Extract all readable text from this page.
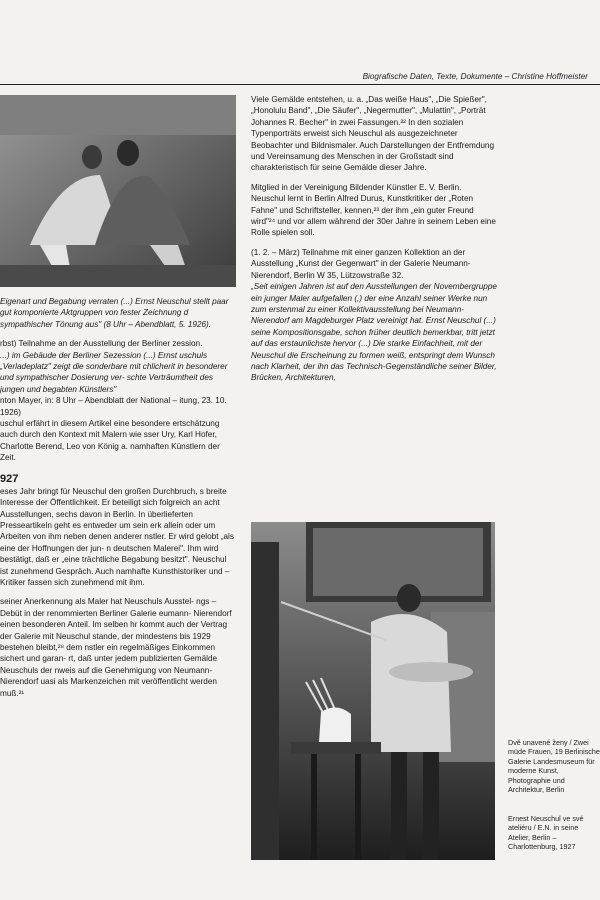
Biografische Daten, Texte, Dokumente – Christine Hoffmeister

Eigenart und Begabung verraten (...) Ernst Neuschul stellt paar gut komponierte Aktgruppen von fester Zeichnung d sympathischer Tönung aus" (8 Uhr – Abendblatt, 5. 1926).

rbst) Teilnahme an der Ausstellung der Berliner zession.

...) im Gebäude der Berliner Sezession (...) Ernst uschuls „Verladeplatz" zeigt die sonderbare mit chlicherit in besonderer und sympathischer Dosierung ver- schte Verträumtheit des jungen und begabten Künstlers"

nton Mayer, in: 8 Uhr – Abendblatt der National – itung, 23. 10. 1926)

uschul erfährt in diesem Artikel eine besondere ertschätzung auch durch den Kontext mit Malern wie sser Ury, Karl Hofer, Charlotte Berend, Leo von König a. namhaften Künstlern der Zeit.

927

eses Jahr bringt für Neuschul den großen Durchbruch, s breite Interesse der Öffentlichkeit. Er beteiligt sich folgreich an acht Ausstellungen, sechs davon in Berlin. In überlieferten Presseartikeln geht es entweder um sein erk allein oder um Arbeiten von ihm neben denen anderer nstler. Er wird gelobt „als eine der Hoffnungen der jun- n deutschen Malerei". Ihm wird bestätigt, daß er „eine trächtliche Begabung besitzt". Neuschul ist zunehmend Gespräch. Auch namhafte Kunsthistoriker und – Kritiker fassen sich zunehmend mit ihm.

seiner Anerkennung als Maler hat Neuschuls Ausstel- ngs – Debüt in der renommierten Berliner Galerie eumann- Nierendorf einen besonderen Anteil. Im selben hr kommt auch der Vertrag der Galerie mit Neuschul stande, der mindestens bis 1929 bestehen bleibt,²⁸ dem nstler ein regelmäßiges Einkommen sichert und garan- rt, daß unter jedem publizierten Gemälde Neuschuls der nweis auf die Genehmigung von Neumann-Nierendorf uasi als Markenzeichen mit veröffentlicht werden muß.²¹

Viele Gemälde entstehen, u. a. „Das weiße Haus", „Die Spießer", „Honolulu Band", „Die Säufer", „Negermutter", „Mulattin", „Porträt Johannes R. Becher" in zwei Fassungen.²² In den sozialen Typenporträts erweist sich Neuschul als ausgezeichneter Beobachter und Bildnismaler. Auch Darstellungen der Entfremdung und Vereinsamung des Menschen in der Großstadt sind charakteristisch für seine Gemälde dieser Jahre.

Mitglied in der Vereinigung Bildender Künstler E. V. Berlin. Neuschul lernt in Berlin Alfred Durus, Kunstkritiker der „Roten Fahne" und Schriftsteller, kennen,²³ der ihm „ein guter Freund wird"²⁴ und vor allem während der 30er Jahre in seinem Leben eine Rolle spielen soll.

(1. 2. – März) Teilnahme mit einer ganzen Kollektion an der Ausstellung „Kunst der Gegenwart" in der Galerie Neumann-Nierendorf, Berlin W 35, Lützowstraße 32.

„Seit einigen Jahren ist auf den Ausstellungen der Novembergruppe ein junger Maler aufgefallen (,) der eine Anzahl seiner Werke nun zum erstenmal zu einer Kollektivausstellung bei Neumann-Nierendorf am Magdeburger Platz vereinigt hat. Ernst Neuschul (...) seine Kompositionsgabe, schon früher deutlich bemerkbar, tritt jetzt auf das erstaunlichste hervor (...) Die starke Einfachheit, mit der Neuschul die Erscheinung zu formen weiß, entspringt dem Wunsch nach Klarheit, der ihn das Technisch-Gegenständliche seiner Bilder, Brücken, Architekturen,

Dvě unavené ženy / Zwei müde Frauen, 19 Berlinische Galerie Landesmuseum für moderne Kunst, Photographie und Architektur, Berlin
Ernest Neuschul ve své ateliéru / E.N. in seine Atelier, Berlin – Charlottenburg, 1927
